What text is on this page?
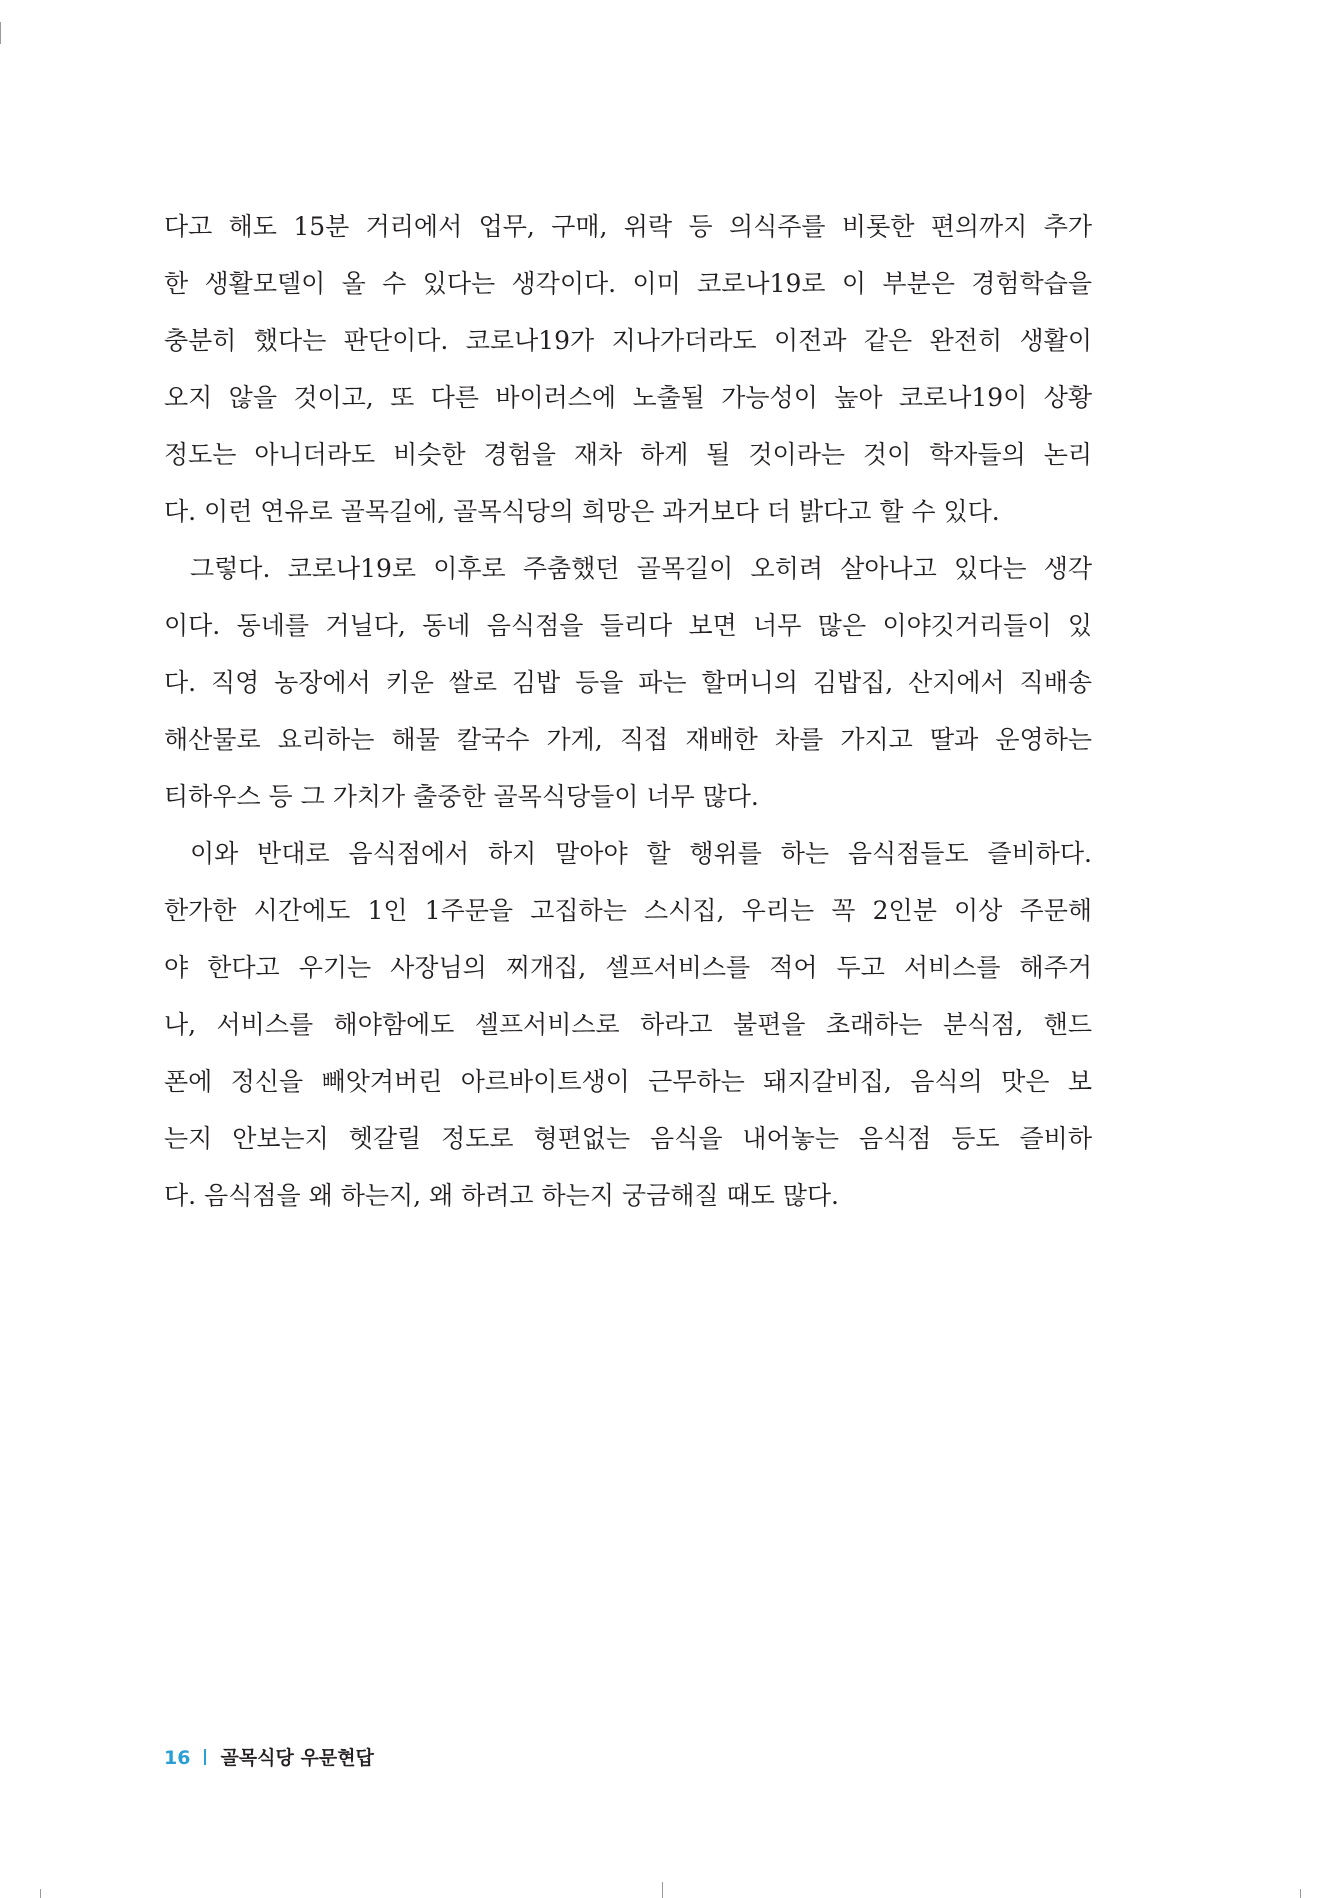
다고 해도 15분 거리에서 업무, 구매, 위락 등 의식주를 비롯한 편의까지 추가
한 생활모델이 올 수 있다는 생각이다. 이미 코로나19로 이 부분은 경험학습을
충분히 했다는 판단이다. 코로나19가 지나가더라도 이전과 같은 완전히 생활이
오지 않을 것이고, 또 다른 바이러스에 노출될 가능성이 높아 코로나19이 상황
정도는 아니더라도 비슷한 경험을 재차 하게 될 것이라는 것이 학자들의 논리
다. 이런 연유로 골목길에, 골목식당의 희망은 과거보다 더 밝다고 할 수 있다.
그렇다. 코로나19로 이후로 주춤했던 골목길이 오히려 살아나고 있다는 생각
이다. 동네를 거닐다, 동네 음식점을 들리다 보면 너무 많은 이야깃거리들이 있
다. 직영 농장에서 키운 쌀로 김밥 등을 파는 할머니의 김밥집, 산지에서 직배송
해산물로 요리하는 해물 칼국수 가게, 직접 재배한 차를 가지고 딸과 운영하는
티하우스 등 그 가치가 출중한 골목식당들이 너무 많다.
이와 반대로 음식점에서 하지 말아야 할 행위를 하는 음식점들도 즐비하다.
한가한 시간에도 1인 1주문을 고집하는 스시집, 우리는 꼭 2인분 이상 주문해
야 한다고 우기는 사장님의 찌개집, 셀프서비스를 적어 두고 서비스를 해주거
나, 서비스를 해야함에도 셀프서비스로 하라고 불편을 초래하는 분식점, 핸드
폰에 정신을 빼앗겨버린 아르바이트생이 근무하는 돼지갈비집, 음식의 맛은 보
는지 안보는지 헷갈릴 정도로 형편없는 음식을 내어놓는 음식점 등도 즐비하
다. 음식점을 왜 하는지, 왜 하려고 하는지 궁금해질 때도 많다.
16 골목식당 우문현답
